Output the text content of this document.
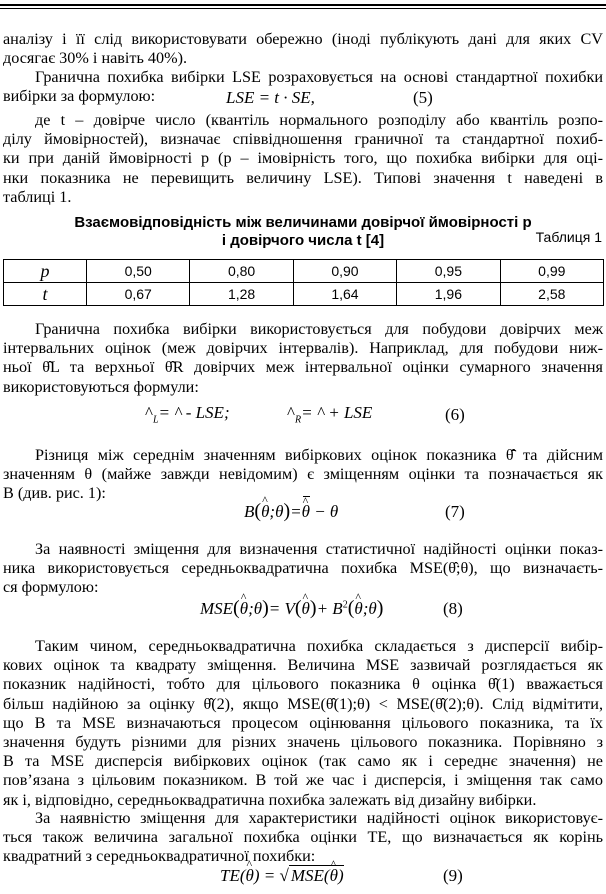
аналізу і її слід використовувати обережно (іноді публікують дані для яких CV
досягає 30% і навіть 40%).
Гранична похибка вибірки LSE розраховується на основі стандартної похибки
вибірки за формулою:	LSE = t · SE,	(5)
де t – довірче число (квантіль нормального розподілу або квантіль розпо-
ділу ймовірностей), визначає співвідношення граничної та стандартної похиб-
ки при даній ймовірності p (p – імовірність того, що похибка вибірки для оці-
нки показника не перевищить величину LSE). Типові значення t наведені в
таблиці 1.
Таблиця 1
Взаємовідповідність між величинами довірчої ймовірності p
і довірчого числа t [4]
p	0,50	0,80	0,90	0,95	0,99
t	0,67	1,28	1,64	1,96	2,58
Гранична похибка вибірки використовується для побудови довірчих меж
інтервальних оцінок (меж довірчих інтервалів). Наприклад, для побудови ниж-
ньої θ̂L та верхньої θ̂R довірчих меж інтервальної оцінки сумарного значення
використовуються формули:
$\^{}_L=$ ^ - LSE;	$\^{}_R=$ ^ + LSE	(6)
Різниця між середнім значенням вибіркових оцінок показника θ̂̄ та дійсним
значенням θ (майже завжди невідомим) є зміщенням оцінки та позначається як
B (див. рис. 1):
B(^ θ;θ)=^ θ − θ	(7)
За наявності зміщення для визначення статистичної надійності оцінки показ-
ника використовується середньоквадратична похибка MSE(θ̂;θ), що визначаєть-
ся формулою:
MSE(^ θ;θ)= V(^ $\theta)+ B^2(\^{}$ θ;θ)	(8)
Таким чином, середньоквадратична похибка складається з дисперсії вибір-
кових оцінок та квадрату зміщення. Величина MSE зазвичай розглядається як
показник надійності, тобто для цільового показника θ оцінка θ̂(1) вважається
більш надійною за оцінку θ̂(2), якщо MSE(θ̂(1);θ) < MSE(θ̂(2);θ). Слід відмітити,
що B та MSE визначаються процесом оцінювання цільового показника, та їх
значення будуть різними для різних значень цільового показника. Порівняно з
B та MSE дисперсія вибіркових оцінок (так само як і середнє значення) не
пов’язана з цільовим показником. В той же час і дисперсія, і зміщення так само
як і, відповідно, середньоквадратична похибка залежать від дизайну вибірки.
За наявністю зміщення для характеристики надійності оцінок використовує-
ться також величина загальної похибка оцінки TE, що визначається як корінь
квадратний з середньоквадратичної похибки:
TE(^ θ) = √ MSE(^ θ)	(9)
